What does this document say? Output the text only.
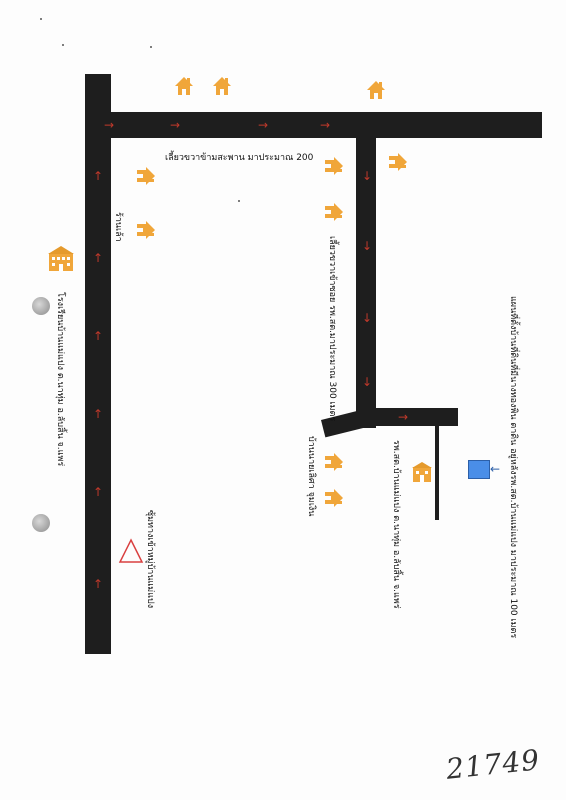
↑
↑
↑
↑
↑
↑
→	→	→	→
↓
↓
↓
↓
→
←
เลี้ยวขวาข้ามสะพาน มาประมาณ 200
ร้านเล้า
โรงเรียนบ้านแม่แปง ต.นาทุ่ม อ.ลับสิ้น จ.แพร่	เลี้ยวขวาเข้าซอย รพ.สต.มาประมาณ 300 เมตร
บ้านนายเลิศา จุมเงิน	รพ.สต.บ้านแม่แปง ต.นาทุ่ม อ.ลับสิ้น จ.แพร่
ซุ้มทางเข้าหมู่บ้านแม่แปง	แผนที่ตั้งบ้านที่ดินที่มีนางทองพิน ตาดิน อยู่หลังรพ.สต.บ้านแม่แปง มาประมาณ 100 เมตร
21749
